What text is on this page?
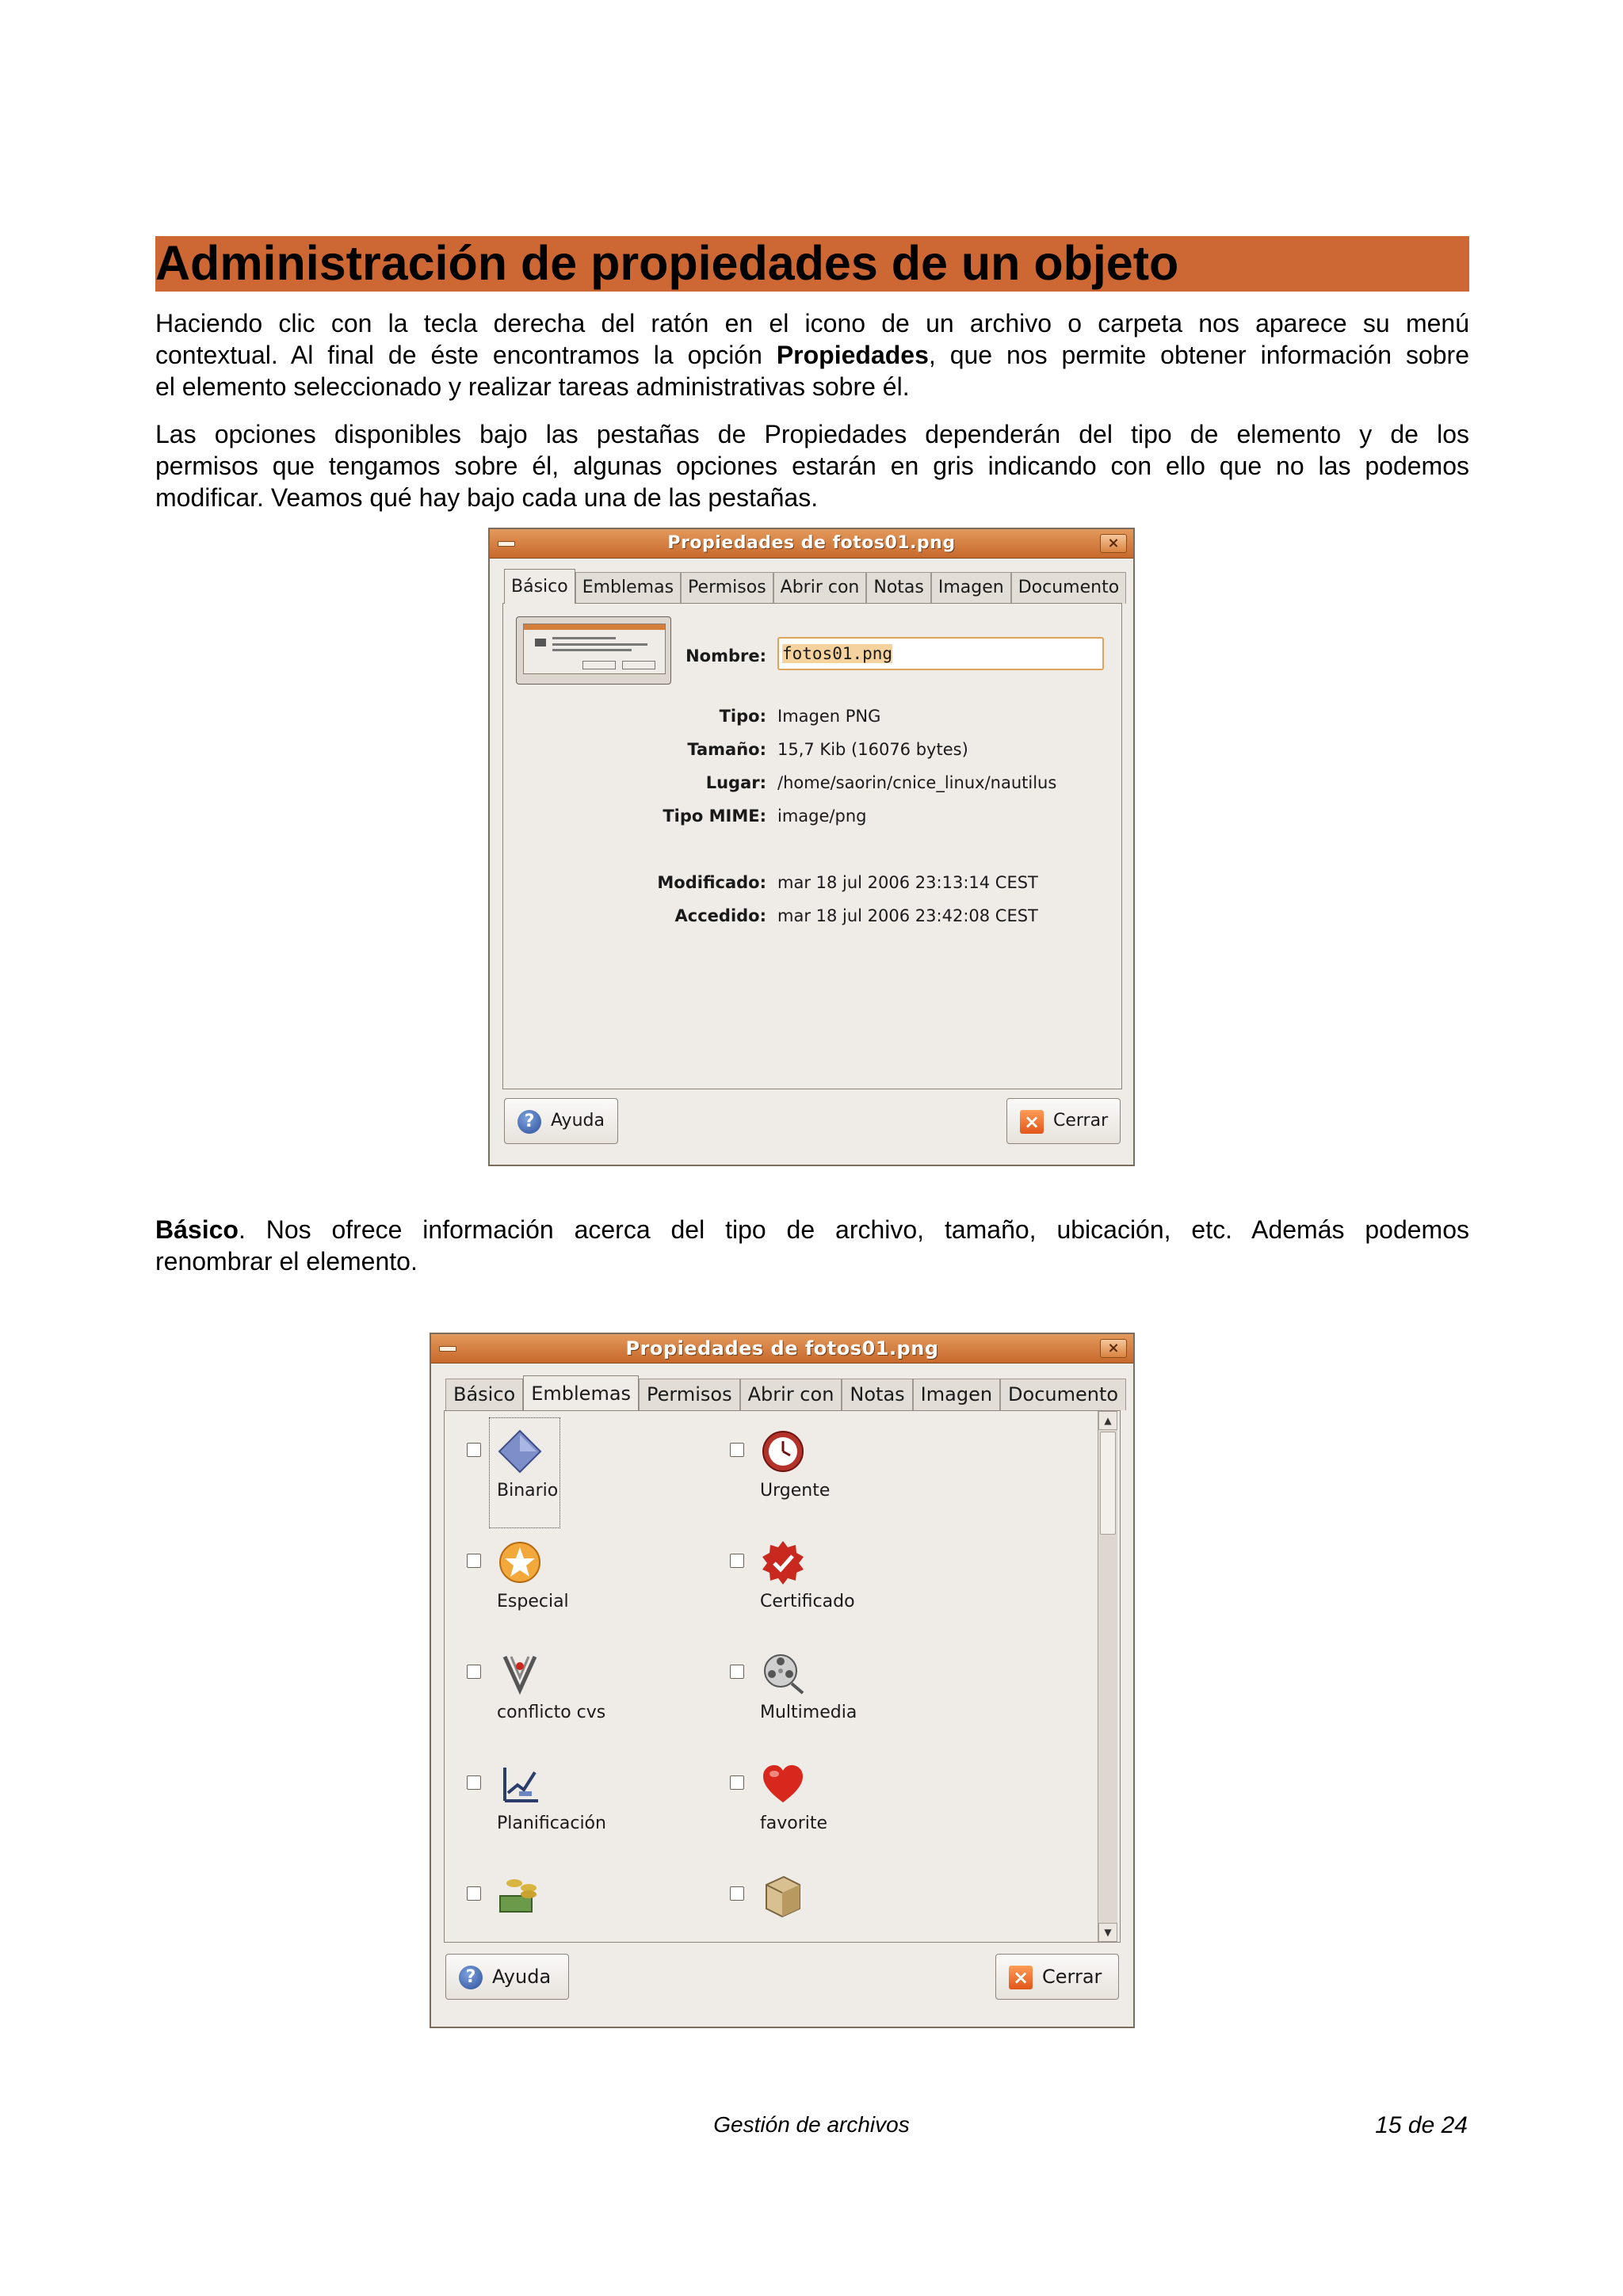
Administración de propiedades de un objeto
Haciendo clic con la tecla derecha del ratón en el icono de un archivo o carpeta nos aparece su menú
contextual. Al final de éste encontramos la opción Propiedades, que nos permite obtener información sobre
el elemento seleccionado y realizar tareas administrativas sobre él.
Las opciones disponibles bajo las pestañas de Propiedades dependerán del tipo de elemento y de los
permisos que tengamos sobre él, algunas opciones estarán en gris indicando con ello que no las podemos
modificar. Veamos qué hay bajo cada una de las pestañas.
Propiedades de fotos01.png	×
Básico Emblemas Permisos Abrir con Notas Imagen Documento
Nombre: fotos01.png
Tipo: Imagen PNG
Tamaño: 15,7 Kib (16076 bytes)
Lugar: /home/saorin/cnice_linux/nautilus
Tipo MIME: image/png
Modificado: mar 18 jul 2006 23:13:14 CEST
Accedido: mar 18 jul 2006 23:42:08 CEST
? Ayuda	× Cerrar
Básico. Nos ofrece información acerca del tipo de archivo, tamaño, ubicación, etc. Además podemos
renombrar el elemento.
Propiedades de fotos01.png	×
Básico Emblemas Permisos Abrir con Notas Imagen Documento
Binario	Urgente
Especial	Certificado
conflicto cvs	Multimedia
Planificación	favorite
▲
▼
? Ayuda	× Cerrar
Gestión de archivos	15 de 24
